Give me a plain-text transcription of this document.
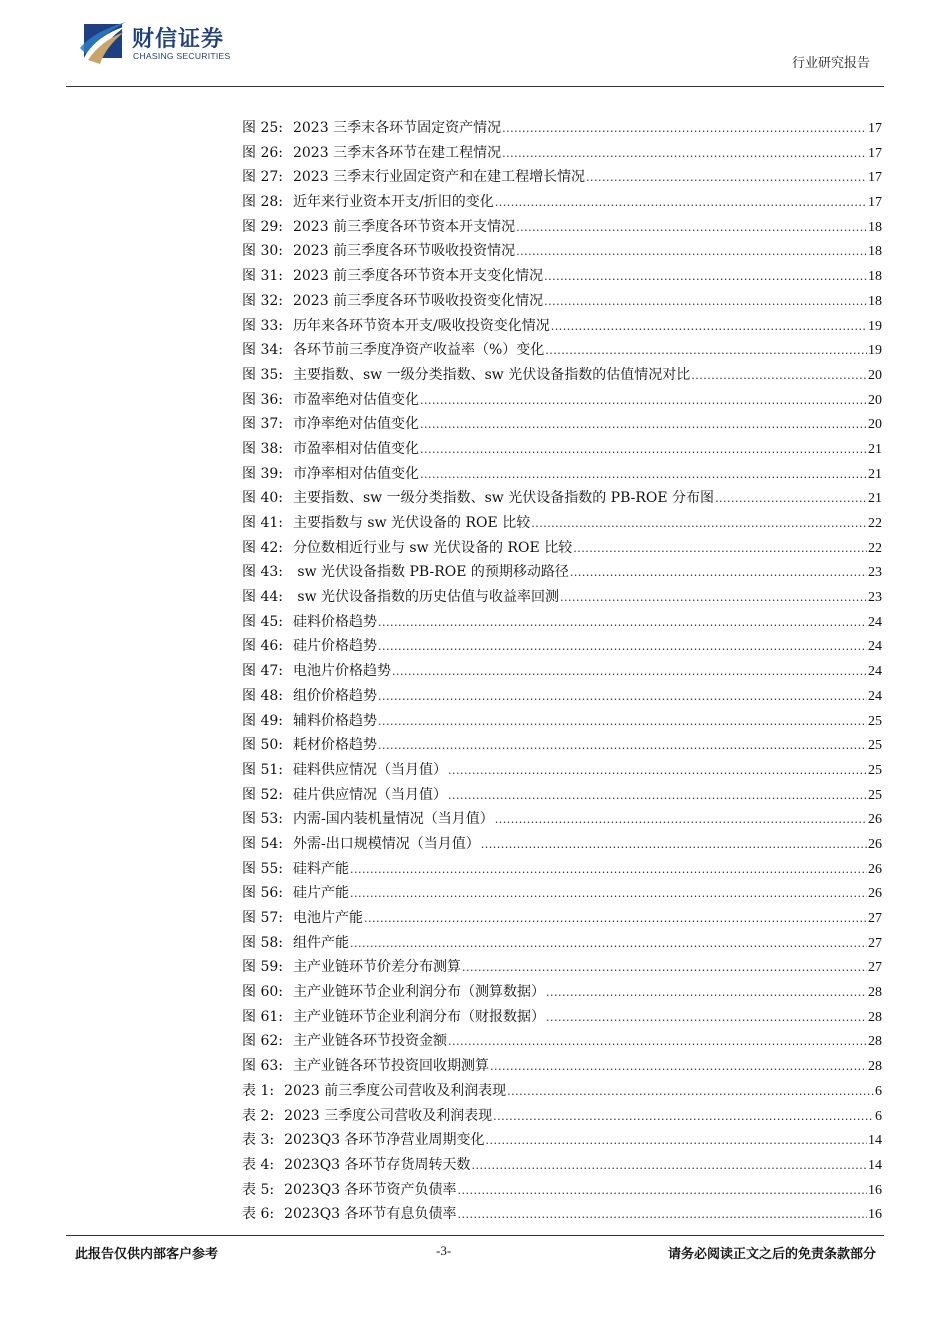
财信证券
CHASING SECURITIES	行业研究报告
图 25: 2023 三季末各环节固定资产情况 .....	17
图 26: 2023 三季末各环节在建工程情况 .....	17
图 27: 2023 三季末行业固定资产和在建工程增长情况 .....	17
图 28: 近年来行业资本开支/折旧的变化 .....	17
图 29: 2023 前三季度各环节资本开支情况 .....	18
图 30: 2023 前三季度各环节吸收投资情况 .....	18
图 31: 2023 前三季度各环节资本开支变化情况 .....	18
图 32: 2023 前三季度各环节吸收投资变化情况 .....	18
图 33: 历年来各环节资本开支/吸收投资变化情况 .....	19
图 34: 各环节前三季度净资产收益率（%）变化 .....	19
图 35: 主要指数、sw 一级分类指数、sw 光伏设备指数的估值情况对比 .....	20
图 36: 市盈率绝对估值变化 .....	20
图 37: 市净率绝对估值变化 .....	20
图 38: 市盈率相对估值变化 .....	21
图 39: 市净率相对估值变化 .....	21
图 40: 主要指数、sw 一级分类指数、sw 光伏设备指数的 PB-ROE 分布图 .....	21
图 41: 主要指数与 sw 光伏设备的 ROE 比较 .....	22
图 42: 分位数相近行业与 sw 光伏设备的 ROE 比较 .....	22
图 43: sw 光伏设备指数 PB-ROE 的预期移动路径 .....	23
图 44: sw 光伏设备指数的历史估值与收益率回测 .....	23
图 45: 硅料价格趋势 .....	24
图 46: 硅片价格趋势 .....	24
图 47: 电池片价格趋势 .....	24
图 48: 组价价格趋势 .....	24
图 49: 辅料价格趋势 .....	25
图 50: 耗材价格趋势 .....	25
图 51: 硅料供应情况（当月值） .....	25
图 52: 硅片供应情况（当月值） .....	25
图 53: 内需-国内装机量情况（当月值） .....	26
图 54: 外需-出口规模情况（当月值） .....	26
图 55: 硅料产能 .....	26
图 56: 硅片产能 .....	26
图 57: 电池片产能 .....	27
图 58: 组件产能 .....	27
图 59: 主产业链环节价差分布测算 .....	27
图 60: 主产业链环节企业利润分布（测算数据） .....	28
图 61: 主产业链环节企业利润分布（财报数据） .....	28
图 62: 主产业链各环节投资金额 .....	28
图 63: 主产业链各环节投资回收期测算 .....	28
表 1: 2023 前三季度公司营收及利润表现 .....	6
表 2: 2023 三季度公司营收及利润表现 .....	6
表 3: 2023Q3 各环节净营业周期变化 .....	14
表 4: 2023Q3 各环节存货周转天数 .....	14
表 5: 2023Q3 各环节资产负债率 .....	16
表 6: 2023Q3 各环节有息负债率 .....	16
此报告仅供内部客户参考	-3-	请务必阅读正文之后的免责条款部分
